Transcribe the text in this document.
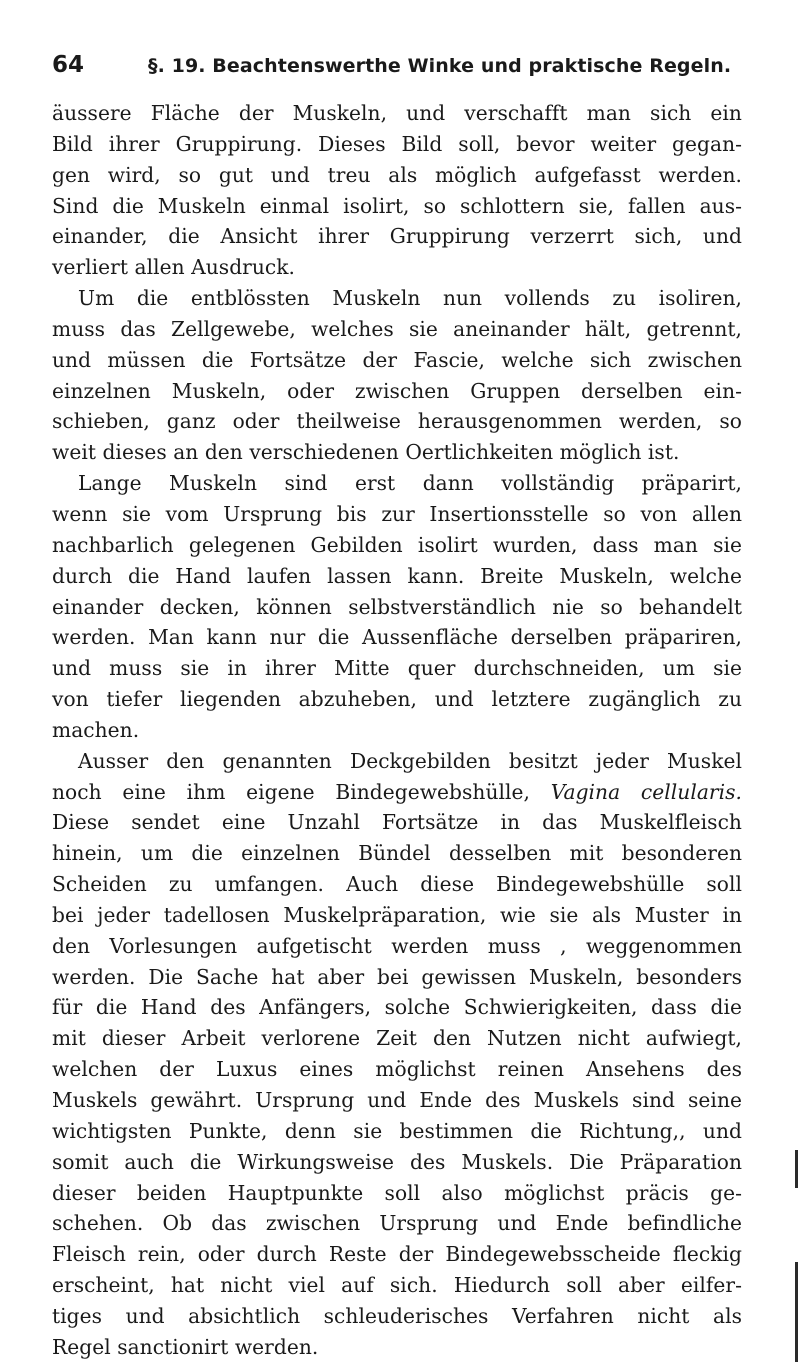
64	§. 19. Beachtenswerthe Winke und praktische Regeln.
äussere Fläche der Muskeln, und verschafft man sich ein
Bild ihrer Gruppirung. Dieses Bild soll, bevor weiter gegan-
gen wird, so gut und treu als möglich aufgefasst werden.
Sind die Muskeln einmal isolirt, so schlottern sie, fallen aus-
einander, die Ansicht ihrer Gruppirung verzerrt sich, und
verliert allen Ausdruck.
Um die entblössten Muskeln nun vollends zu isoliren,
muss das Zellgewebe, welches sie aneinander hält, getrennt,
und müssen die Fortsätze der Fascie, welche sich zwischen
einzelnen Muskeln, oder zwischen Gruppen derselben ein-
schieben, ganz oder theilweise herausgenommen werden, so
weit dieses an den verschiedenen Oertlichkeiten möglich ist.
Lange Muskeln sind erst dann vollständig präparirt,
wenn sie vom Ursprung bis zur Insertionsstelle so von allen
nachbarlich gelegenen Gebilden isolirt wurden, dass man sie
durch die Hand laufen lassen kann. Breite Muskeln, welche
einander decken, können selbstverständlich nie so behandelt
werden. Man kann nur die Aussenfläche derselben präpariren,
und muss sie in ihrer Mitte quer durchschneiden, um sie
von tiefer liegenden abzuheben, und letztere zugänglich zu
machen.
Ausser den genannten Deckgebilden besitzt jeder Muskel
noch eine ihm eigene Bindegewebshülle, Vagina cellularis.
Diese sendet eine Unzahl Fortsätze in das Muskelfleisch
hinein, um die einzelnen Bündel desselben mit besonderen
Scheiden zu umfangen. Auch diese Bindegewebshülle soll
bei jeder tadellosen Muskelpräparation, wie sie als Muster in
den Vorlesungen aufgetischt werden muss , weggenommen
werden. Die Sache hat aber bei gewissen Muskeln, besonders
für die Hand des Anfängers, solche Schwierigkeiten, dass die
mit dieser Arbeit verlorene Zeit den Nutzen nicht aufwiegt,
welchen der Luxus eines möglichst reinen Ansehens des
Muskels gewährt. Ursprung und Ende des Muskels sind seine
wichtigsten Punkte, denn sie bestimmen die Richtung,, und
somit auch die Wirkungsweise des Muskels. Die Präparation
dieser beiden Hauptpunkte soll also möglichst präcis ge-
schehen. Ob das zwischen Ursprung und Ende befindliche
Fleisch rein, oder durch Reste der Bindegewebsscheide fleckig
erscheint, hat nicht viel auf sich. Hiedurch soll aber eilfer-
tiges und absichtlich schleuderisches Verfahren nicht als
Regel sanctionirt werden.
